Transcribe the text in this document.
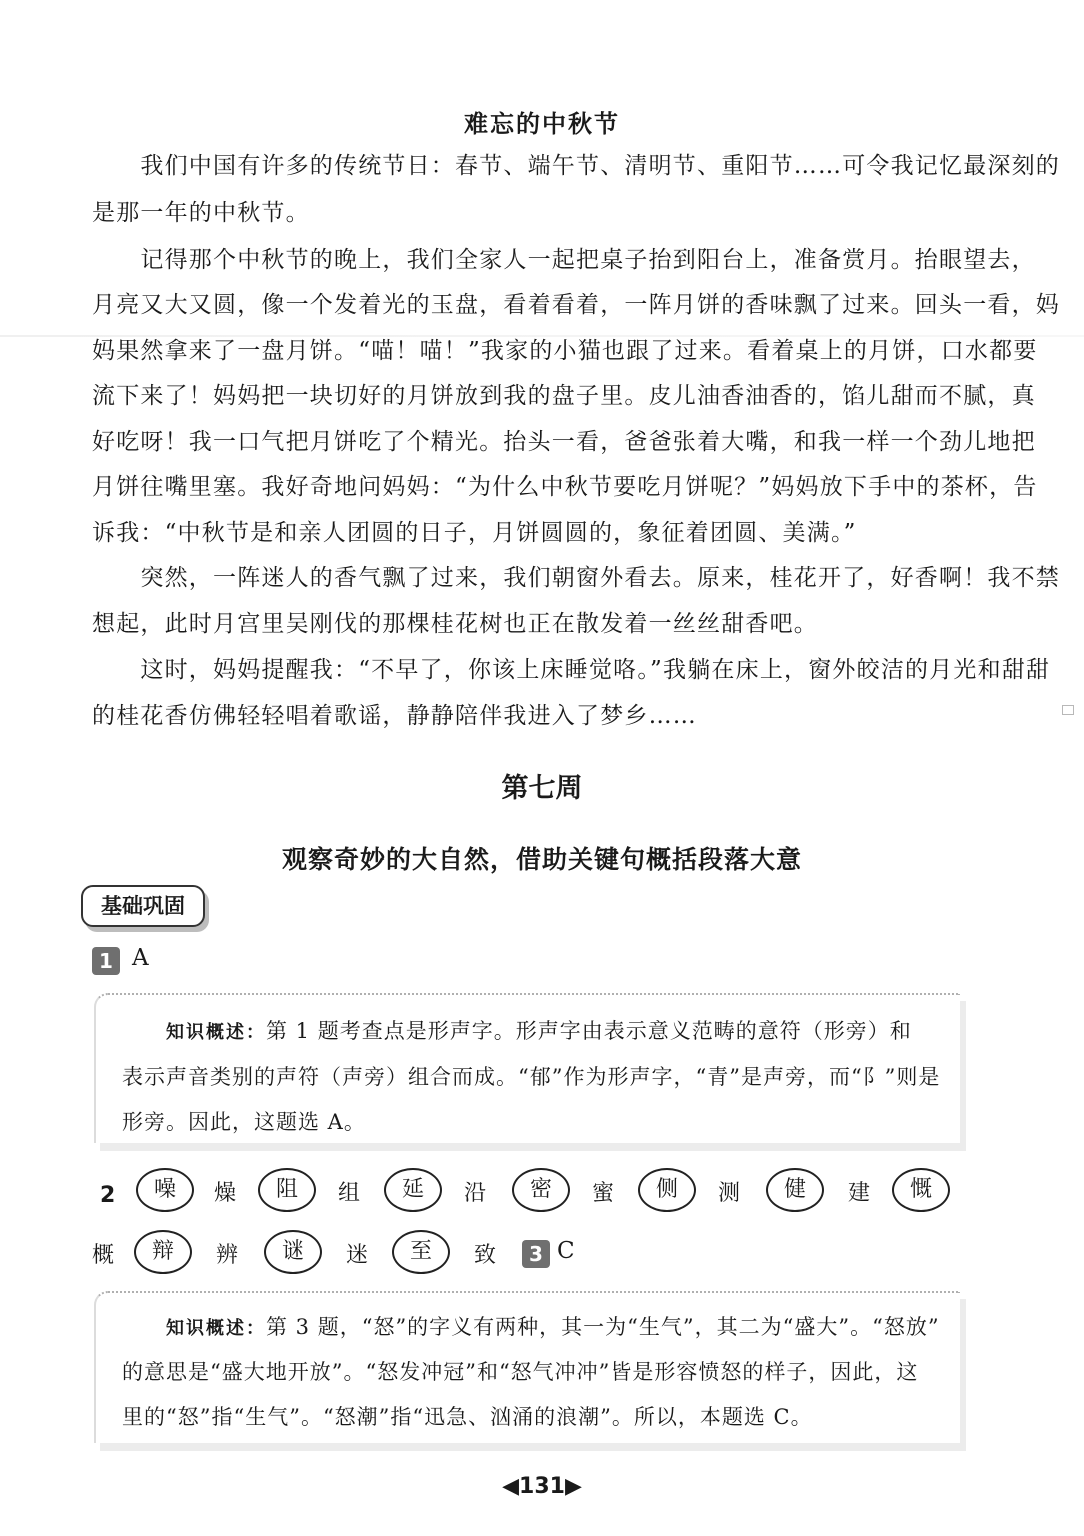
难忘的中秋节
　　我们中国有许多的传统节日：春节、端午节、清明节、重阳节……可令我记忆最深刻的
是那一年的中秋节。
　　记得那个中秋节的晚上，我们全家人一起把桌子抬到阳台上，准备赏月。抬眼望去，
月亮又大又圆，像一个发着光的玉盘，看着看着，一阵月饼的香味飘了过来。回头一看，妈
妈果然拿来了一盘月饼。“喵！喵！”我家的小猫也跟了过来。看着桌上的月饼，口水都要
流下来了！妈妈把一块切好的月饼放到我的盘子里。皮儿油香油香的，馅儿甜而不腻，真
好吃呀！我一口气把月饼吃了个精光。抬头一看，爸爸张着大嘴，和我一样一个劲儿地把
月饼往嘴里塞。我好奇地问妈妈：“为什么中秋节要吃月饼呢？”妈妈放下手中的茶杯，告
诉我：“中秋节是和亲人团圆的日子，月饼圆圆的，象征着团圆、美满。”
　　突然，一阵迷人的香气飘了过来，我们朝窗外看去。原来，桂花开了，好香啊！我不禁
想起，此时月宫里吴刚伐的那棵桂花树也正在散发着一丝丝甜香吧。
　　这时，妈妈提醒我：“不早了，你该上床睡觉咯。”我躺在床上，窗外皎洁的月光和甜甜
的桂花香仿佛轻轻唱着歌谣，静静陪伴我进入了梦乡……
第七周
观察奇妙的大自然，借助关键句概括段落大意
基础巩固
1 A
知识概述：第 1 题考查点是形声字。形声字由表示意义范畴的意符（形旁）和
表示声音类别的声符（声旁）组合而成。“郁”作为形声字，“青”是声旁，而“阝”则是
形旁。因此，这题选 A。
2	噪	燥	阻	组	延	沿	密	蜜	侧	测	健	建	慨
概	辩	辨	谜	迷	至	致	3 C
知识概述：第 3 题，“怒”的字义有两种，其一为“生气”，其二为“盛大”。“怒放”
的意思是“盛大地开放”。“怒发冲冠”和“怒气冲冲”皆是形容愤怒的样子，因此，这
里的“怒”指“生气”。“怒潮”指“迅急、汹涌的浪潮”。所以，本题选 C。
◀131▶
